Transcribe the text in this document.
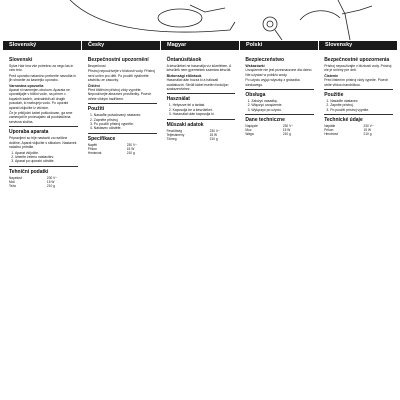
Slovenský	Česky	Magyar	Polski	Slovensky
Slovenski

Sylva Hair ima vše potrebno za nego las in celo telo.

Pred uporabo natančno preberite navodila in jih shranite za kasnejšo uporabo.

Varnostna opozorila

Aparat ni namenjen otrokom. Aparata ne uporabljajte v bližini vode, na primer v kopalnih kadeh, umivalnikih ali drugih posodah, ki vsebujejo vodo. Po uporabi aparat izključite iz vtičnice.

Če je priključni kabel poškodovan, ga sme zamenjati le proizvajalec ali pooblaščena servisna služba.

Uporaba aparata

Pripravljeni so trije nastavki za različne dolžine. Aparat vključite s stikalom. Nastavek natačno pritrdite.

1. Aparat vključite.
2. Izberite želeno nastavitev.
3. Aparat po uporabi očistite.
Tehnični podatki
Napetost	230 V~
Moč	15 W
Teža	210 g
Bezpečnostní upozornění

Bezpečnost

Přístroj nepoužívejte v blízkosti vody. Přístroj není určen pro děti. Po použití vytáhněte zástrčku ze zásuvky.

Čištění

Před čištěním přístroj vždy vypněte. Nepoužívejte abrazivní prostředky. Povrch otřete vlhkým hadříkem.

Použití
1. Nasaďte požadovaný nástavec.
2. Zapněte přístroj.
3. Po použití přístroj vypněte.
4. Nástavec očistěte.
Specifikace
Napětí	230 V~
Příkon	15 W
Hmotnost	210 g
Öntanúsítások

A készüléket ne használja víz közelében. A készülék nem gyermekek számára készült.

Biztonsági előírások

Használat után húzza ki a hálózati csatlakozót. Sérült kábel esetén forduljon szakszervizhez.

Használat
1. Helyezze fel a tartást.
2. Kapcsolja be a készüléket.
3. Használat után kapcsolja ki.
Műszaki adatok
Feszültség	230 V~
Teljesítmény	15 W
Tömeg	210 g
Bezpieczeństwo
Wskazówki

Urządzenie nie jest przeznaczone dla dzieci. Nie używać w pobliżu wody.

Po użyciu wyjąć wtyczkę z gniazdka sieciowego.

Obsługa
1. Założyć nasadkę.
2. Włączyć urządzenie.
3. Wyłączyć po użyciu.
Dane techniczne
Napięcie	230 V~
Moc	15 W
Waga	210 g
Bezpečnostné upozornenia

Prístroj nepoužívajte v blízkosti vody. Prístroj nie je určený pre deti.

Čistenie

Pred čistením prístroj vždy vypnite. Povrch utrite vlhkou handričkou.

Použitie
1. Nasaďte nástavec.
2. Zapnite prístroj.
3. Po použití prístroj vypnite.
Technické údaje
Napätie	230 V~
Príkon	15 W
Hmotnosť	210 g
